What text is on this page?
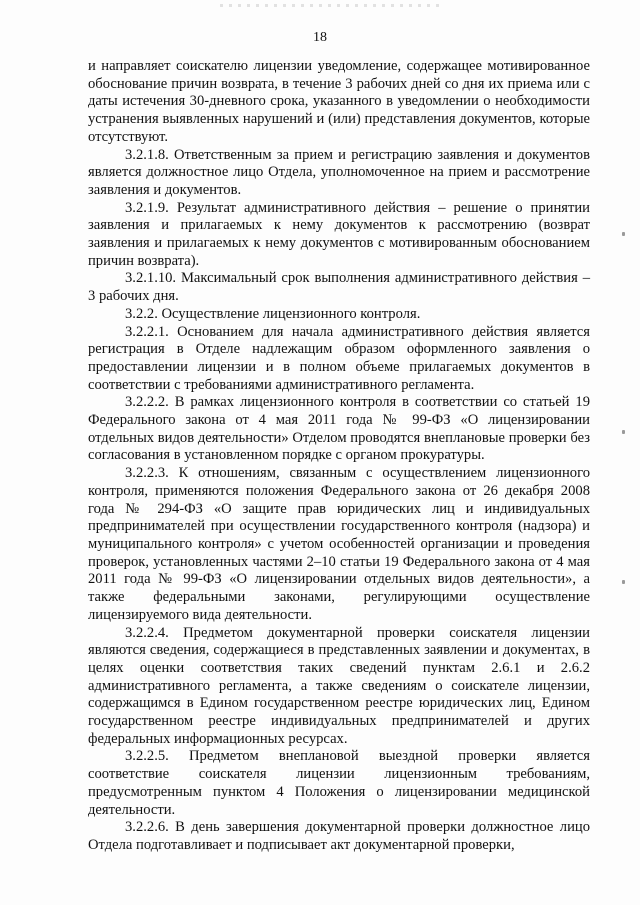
18

и направляет соискателю лицензии уведомление, содержащее мотивированное обоснование причин возврата, в течение 3 рабочих дней со дня их приема или с даты истечения 30-дневного срока, указанного в уведомлении о необходимости устранения выявленных нарушений и (или) представления документов, которые отсутствуют.

3.2.1.8. Ответственным за прием и регистрацию заявления и документов является должностное лицо Отдела, уполномоченное на прием и рассмотрение заявления и документов.

3.2.1.9. Результат административного действия – решение о принятии заявления и прилагаемых к нему документов к рассмотрению (возврат заявления и прилагаемых к нему документов с мотивированным обоснованием причин возврата).

3.2.1.10. Максимальный срок выполнения административного действия – 3 рабочих дня.

3.2.2. Осуществление лицензионного контроля.

3.2.2.1. Основанием для начала административного действия является регистрация в Отделе надлежащим образом оформленного заявления о предоставлении лицензии и в полном объеме прилагаемых документов в соответствии с требованиями административного регламента.

3.2.2.2. В рамках лицензионного контроля в соответствии со статьей 19 Федерального закона от 4 мая 2011 года № 99-ФЗ «О лицензировании отдельных видов деятельности» Отделом проводятся внеплановые проверки без согласования в установленном порядке с органом прокуратуры.

3.2.2.3. К отношениям, связанным с осуществлением лицензионного контроля, применяются положения Федерального закона от 26 декабря 2008 года № 294-ФЗ «О защите прав юридических лиц и индивидуальных предпринимателей при осуществлении государственного контроля (надзора) и муниципального контроля» с учетом особенностей организации и проведения проверок, установленных частями 2–10 статьи 19 Федерального закона от 4 мая 2011 года № 99-ФЗ «О лицензировании отдельных видов деятельности», а также федеральными законами, регулирующими осуществление лицензируемого вида деятельности.

3.2.2.4. Предметом документарной проверки соискателя лицензии являются сведения, содержащиеся в представленных заявлении и документах, в целях оценки соответствия таких сведений пунктам 2.6.1 и 2.6.2 административного регламента, а также сведениям о соискателе лицензии, содержащимся в Едином государственном реестре юридических лиц, Едином государственном реестре индивидуальных предпринимателей и других федеральных информационных ресурсах.

3.2.2.5. Предметом внеплановой выездной проверки является соответствие соискателя лицензии лицензионным требованиям, предусмотренным пунктом 4 Положения о лицензировании медицинской деятельности.

3.2.2.6. В день завершения документарной проверки должностное лицо Отдела подготавливает и подписывает акт документарной проверки,
